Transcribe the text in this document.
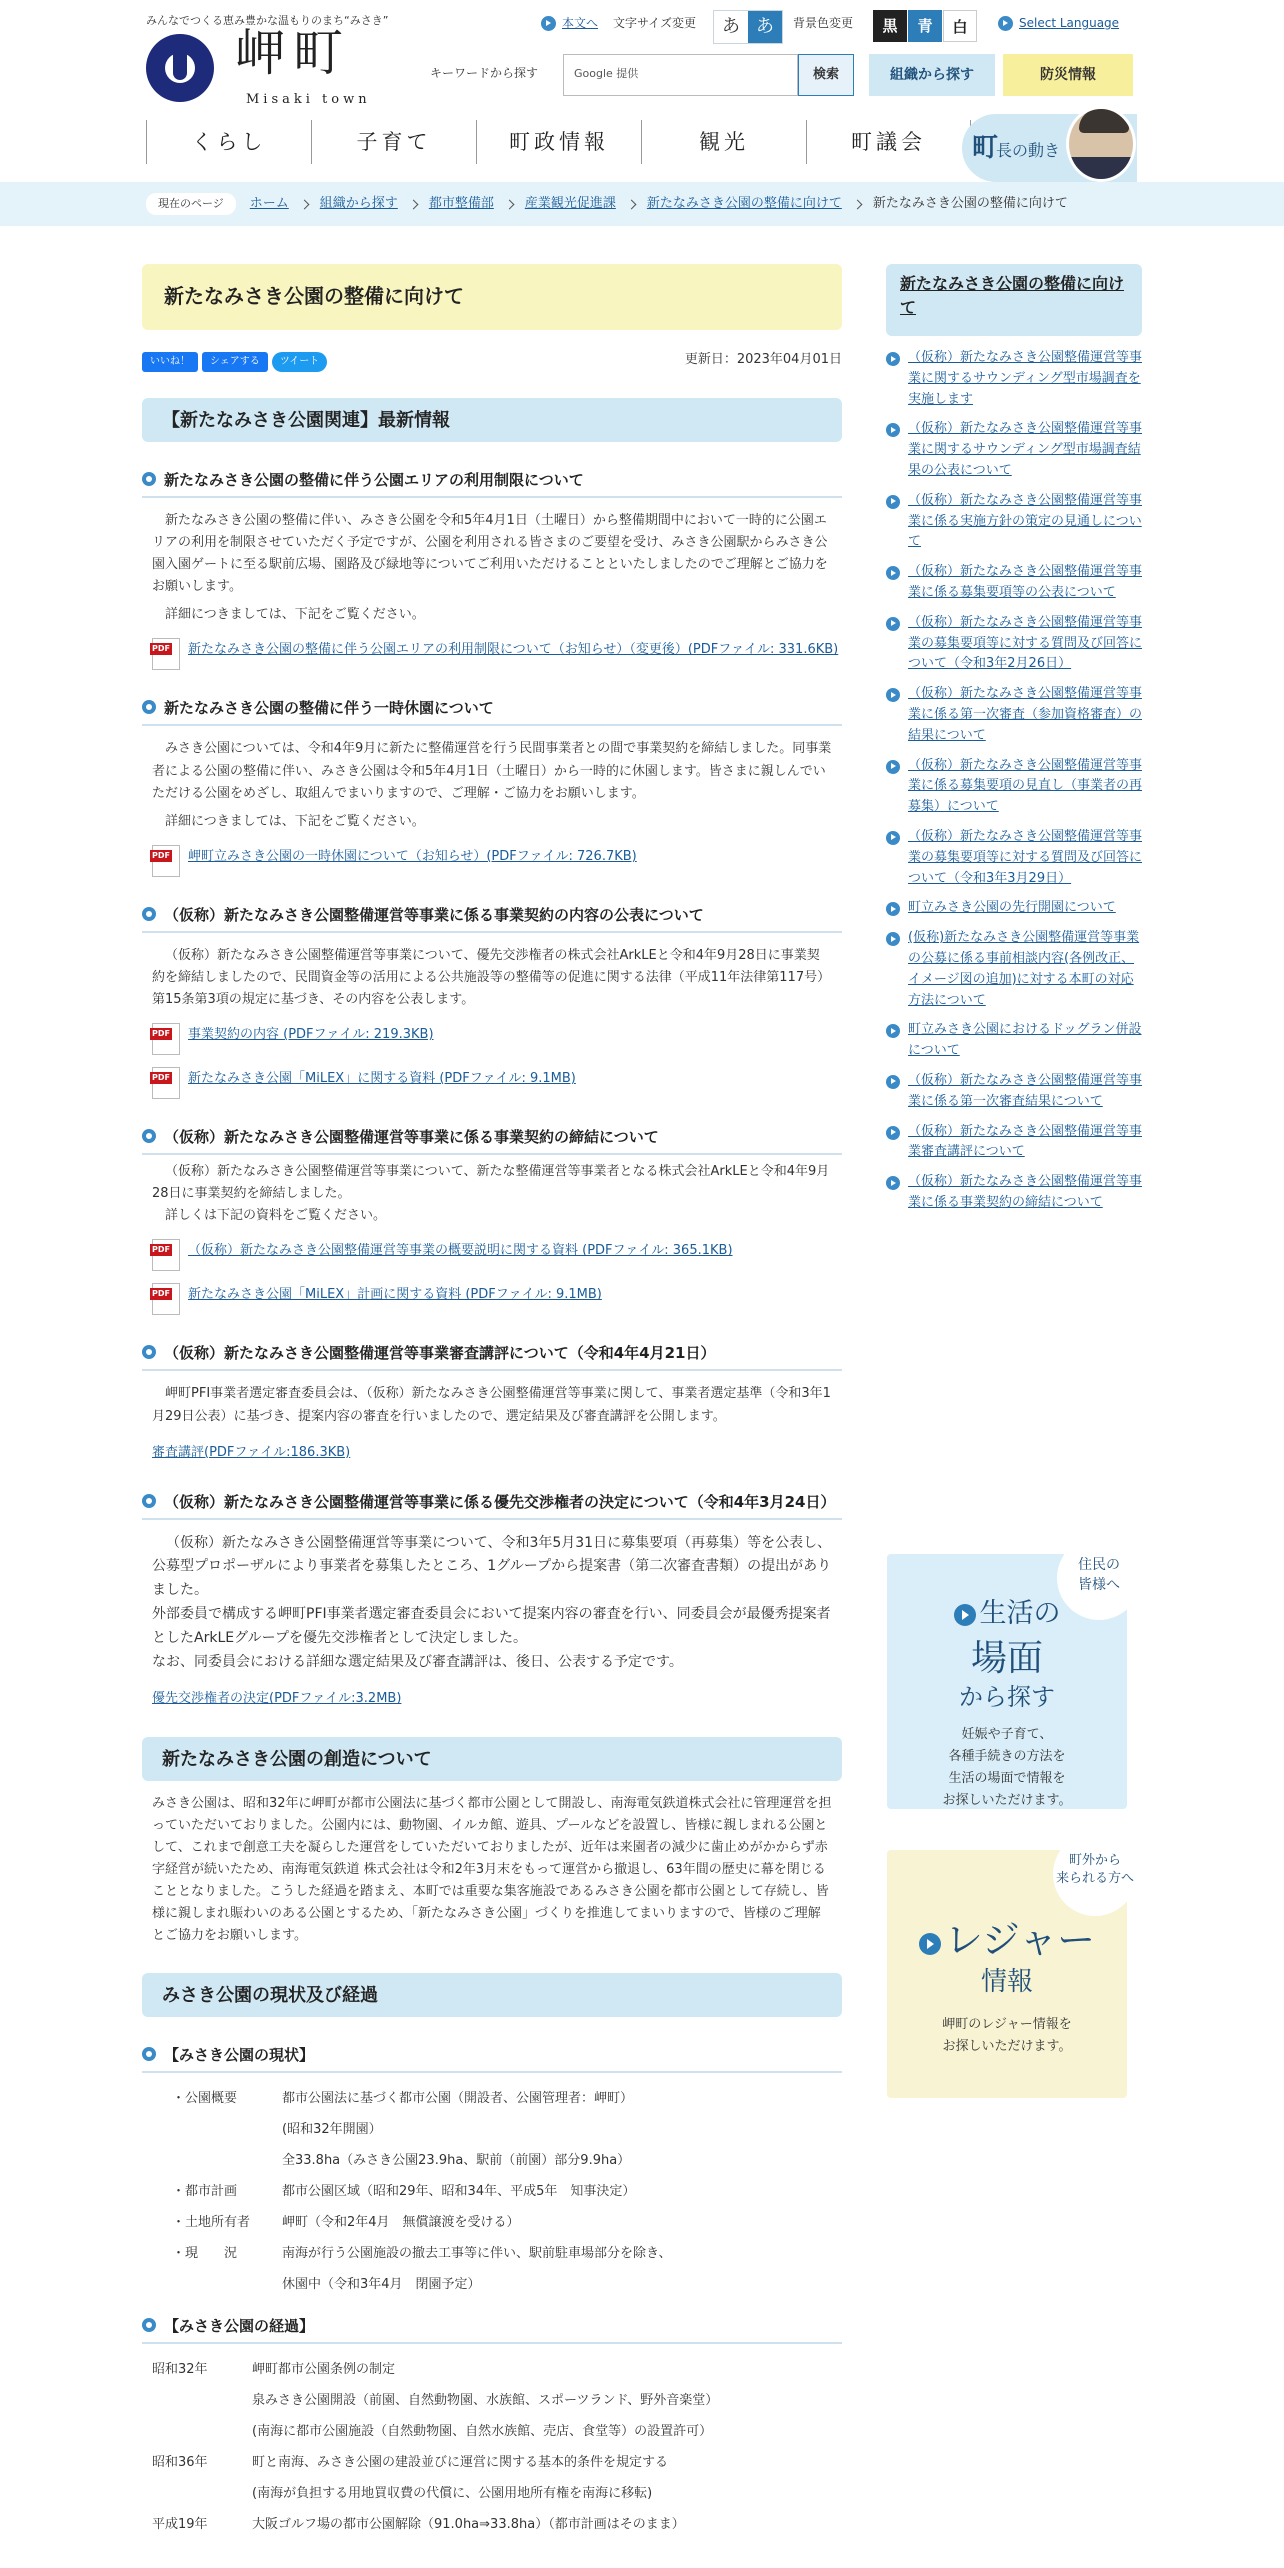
みんなでつくる恵み豊かな温もりのまち“みさき”
岬町
Misaki town
本文へ 文字サイズ変更	あ あ	背景色変更	黒	青	白	Select Language
キーワードから探す	Google 提供	検索	組織から探す	防災情報
くらし	子育て	町政情報	観光	町議会	町長の動き
現在のページ	ホーム 組織から探す 都市整備部 産業観光促進課 新たなみさき公園の整備に向けて 新たなみさき公園の整備に向けて
新たなみさき公園の整備に向けて
いいね！	シェアする	ツイート	更新日：2023年04月01日
【新たなみさき公園関連】最新情報
新たなみさき公園の整備に伴う公園エリアの利用制限について

新たなみさき公園の整備に伴い、みさき公園を令和5年4月1日（土曜日）から整備期間中において一時的に公園エリアの利用を制限させていただく予定ですが、公園を利用される皆さまのご要望を受け、みさき公園駅からみさき公園入園ゲートに至る駅前広場、園路及び緑地等についてご利用いただけることといたしましたのでご理解とご協力をお願いします。

詳細につきましては、下記をご覧ください。

PDF
新たなみさき公園の整備に伴う公園エリアの利用制限について（お知らせ）（変更後）(PDFファイル: 331.6KB)
新たなみさき公園の整備に伴う一時休園について

みさき公園については、令和4年9月に新たに整備運営を行う民間事業者との間で事業契約を締結しました。同事業者による公園の整備に伴い、みさき公園は令和5年4月1日（土曜日）から一時的に休園します。皆さまに親しんでいただける公園をめざし、取組んでまいりますので、ご理解・ご協力をお願いします。

詳細につきましては、下記をご覧ください。

PDF
岬町立みさき公園の一時休園について（お知らせ）(PDFファイル: 726.7KB)
（仮称）新たなみさき公園整備運営等事業に係る事業契約の内容の公表について

（仮称）新たなみさき公園整備運営等事業について、優先交渉権者の株式会社ArkLEと令和4年9月28日に事業契約を締結しましたので、民間資金等の活用による公共施設等の整備等の促進に関する法律（平成11年法律第117号）第15条第3項の規定に基づき、その内容を公表します。

PDF
事業契約の内容 (PDFファイル: 219.3KB)
PDF
新たなみさき公園「MiLEX」に関する資料 (PDFファイル: 9.1MB)
（仮称）新たなみさき公園整備運営等事業に係る事業契約の締結について

（仮称）新たなみさき公園整備運営等事業について、新たな整備運営等事業者となる株式会社ArkLEと令和4年9月28日に事業契約を締結しました。

詳しくは下記の資料をご覧ください。

PDF
（仮称）新たなみさき公園整備運営等事業の概要説明に関する資料 (PDFファイル: 365.1KB)
PDF
新たなみさき公園「MiLEX」計画に関する資料 (PDFファイル: 9.1MB)
（仮称）新たなみさき公園整備運営等事業審査講評について（令和4年4月21日）

岬町PFI事業者選定審査委員会は、（仮称）新たなみさき公園整備運営等事業に関して、事業者選定基準（令和3年1月29日公表）に基づき、提案内容の審査を行いましたので、選定結果及び審査講評を公開します。

審査講評(PDFファイル:186.3KB)

（仮称）新たなみさき公園整備運営等事業に係る優先交渉権者の決定について（令和4年3月24日）

（仮称）新たなみさき公園整備運営等事業について、令和3年5月31日に募集要項（再募集）等を公表し、公募型プロポーザルにより事業者を募集したところ、1グループから提案書（第二次審査書類）の提出がありました。

外部委員で構成する岬町PFI事業者選定審査委員会において提案内容の審査を行い、同委員会が最優秀提案者としたArkLEグループを優先交渉権者として決定しました。

なお、同委員会における詳細な選定結果及び審査講評は、後日、公表する予定です。

優先交渉権者の決定(PDFファイル:3.2MB)

新たなみさき公園の創造について

みさき公園は、昭和32年に岬町が都市公園法に基づく都市公園として開設し、南海電気鉄道株式会社に管理運営を担っていただいておりました。公園内には、動物園、イルカ館、遊具、プールなどを設置し、皆様に親しまれる公園として、これまで創意工夫を凝らした運営をしていただいておりましたが、近年は来園者の減少に歯止めがかからず赤字経営が続いたため、南海電気鉄道 株式会社は令和2年3月末をもって運営から撤退し、63年間の歴史に幕を閉じることとなりました。こうした経過を踏まえ、本町では重要な集客施設であるみさき公園を都市公園として存続し、皆様に親しまれ賑わいのある公園とするため、「新たなみさき公園」づくりを推進してまいりますので、皆様のご理解とご協力をお願いします。

みさき公園の現状及び経過
【みさき公園の現状】
・公園概要	都市公園法に基づく都市公園（開設者、公園管理者：岬町）
(昭和32年開園）
全33.8ha（みさき公園23.9ha、駅前（前園）部分9.9ha）
・都市計画	都市公園区域（昭和29年、昭和34年、平成5年　知事決定）
・土地所有者	岬町（令和2年4月　無償譲渡を受ける）
・現　　況	南海が行う公園施設の撤去工事等に伴い、駅前駐車場部分を除き、
休園中（令和3年4月　閉園予定）
【みさき公園の経過】
昭和32年	岬町都市公園条例の制定
泉みさき公園開設（前園、自然動物園、水族館、スポーツランド、野外音楽堂）
(南海に都市公園施設（自然動物園、自然水族館、売店、食堂等）の設置許可）
昭和36年	町と南海、みさき公園の建設並びに運営に関する基本的条件を規定する
(南海が負担する用地買収費の代償に、公園用地所有権を南海に移転)
平成19年	大阪ゴルフ場の都市公園解除（91.0ha⇒33.8ha）（都市計画はそのまま）
新たなみさき公園の整備に向けて
（仮称）新たなみさき公園整備運営等事業に関するサウンディング型市場調査を実施します
（仮称）新たなみさき公園整備運営等事業に関するサウンディング型市場調査結果の公表について
（仮称）新たなみさき公園整備運営等事業に係る実施方針の策定の見通しについて
（仮称）新たなみさき公園整備運営等事業に係る募集要項等の公表について
（仮称）新たなみさき公園整備運営等事業の募集要項等に対する質問及び回答について（令和3年2月26日）
（仮称）新たなみさき公園整備運営等事業に係る第一次審査（参加資格審査）の結果について
（仮称）新たなみさき公園整備運営等事業に係る募集要項の見直し（事業者の再募集）について
（仮称）新たなみさき公園整備運営等事業の募集要項等に対する質問及び回答について（令和3年3月29日）
町立みさき公園の先行開園について
(仮称)新たなみさき公園整備運営等事業の公募に係る事前相談内容(各例改正、イメージ図の追加)に対する本町の対応方法について
町立みさき公園におけるドッグラン併設について
（仮称）新たなみさき公園整備運営等事業に係る第一次審査結果について
（仮称）新たなみさき公園整備運営等事業審査講評について
（仮称）新たなみさき公園整備運営等事業に係る事業契約の締結について
住民の
皆様へ
生活の
場面
から探す
妊娠や子育て、
各種手続きの方法を
生活の場面で情報を
お探しいただけます。
町外から
来られる方へ
レジャー
情報
岬町のレジャー情報を
お探しいただけます。
